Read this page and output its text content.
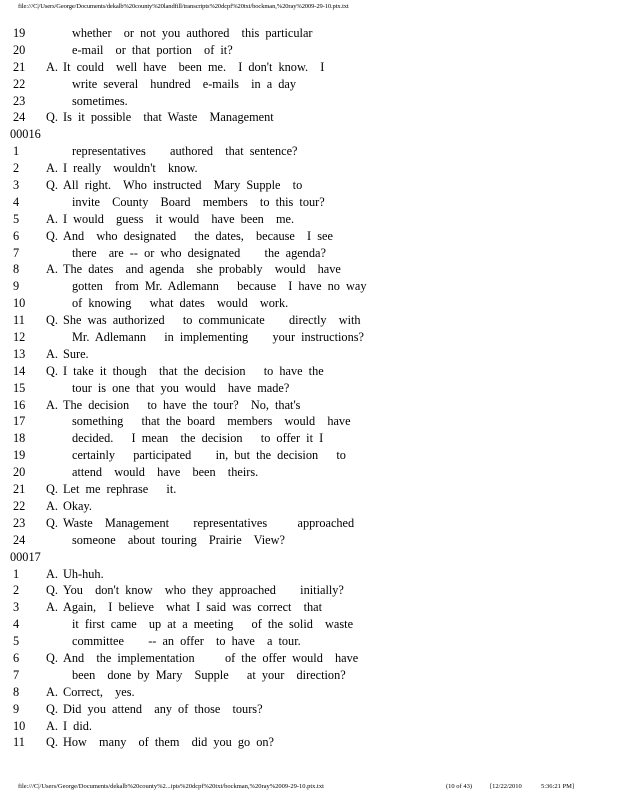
file:///C|/Users/George/Documents/dekalb%20county%20landfill/transcripts%20dcpf%20txt/bockman,%20ray%2009-29-10.ptx.txt
19	whether  or not you authored  this particular
20	e-mail  or that portion  of it?
21	A. It could  well have  been me.  I don't know.  I
22	write several  hundred  e-mails  in a day
23	sometimes.
24	Q. Is it possible  that Waste  Management
00016
1	representatives    authored  that sentence?
2	A. I really  wouldn't  know.
3	Q. All right.  Who instructed  Mary Supple  to
4	invite  County  Board  members  to this tour?
5	A. I would  guess  it would  have been  me.
6	Q. And  who designated   the dates,  because  I see
7	there  are -- or who designated    the agenda?
8	A. The dates  and agenda  she probably  would  have
9	gotten  from Mr. Adlemann   because  I have no way
10	of knowing   what dates  would  work.
11	Q. She was authorized   to communicate    directly  with
12	Mr. Adlemann   in implementing    your instructions?
13	A. Sure.
14	Q. I take it though  that the decision   to have the
15	tour is one that you would  have made?
16	A. The decision   to have the tour?  No, that's
17	something   that the board  members  would  have
18	decided.   I mean  the decision   to offer it I
19	certainly   participated    in, but the decision   to
20	attend  would  have  been  theirs.
21	Q. Let me rephrase   it.
22	A. Okay.
23	Q. Waste  Management    representatives     approached
24	someone  about touring  Prairie  View?
00017
1	A. Uh-huh.
2	Q. You  don't know  who they approached    initially?
3	A. Again,  I believe  what I said was correct  that
4	it first came  up at a meeting   of the solid  waste
5	committee    -- an offer  to have  a tour.
6	Q. And  the implementation     of the offer would  have
7	been  done by Mary  Supple   at your  direction?
8	A. Correct,  yes.
9	Q. Did you attend  any of those  tours?
10	A. I did.
11	Q. How  many  of them  did you go on?
file:///C|/Users/George/Documents/dekalb%20county%2...ipts%20dcpf%20txt/bockman,%20ray%2009-29-10.ptx.txt	(10 of 43)	[12/22/2010	5:36:21 PM]
